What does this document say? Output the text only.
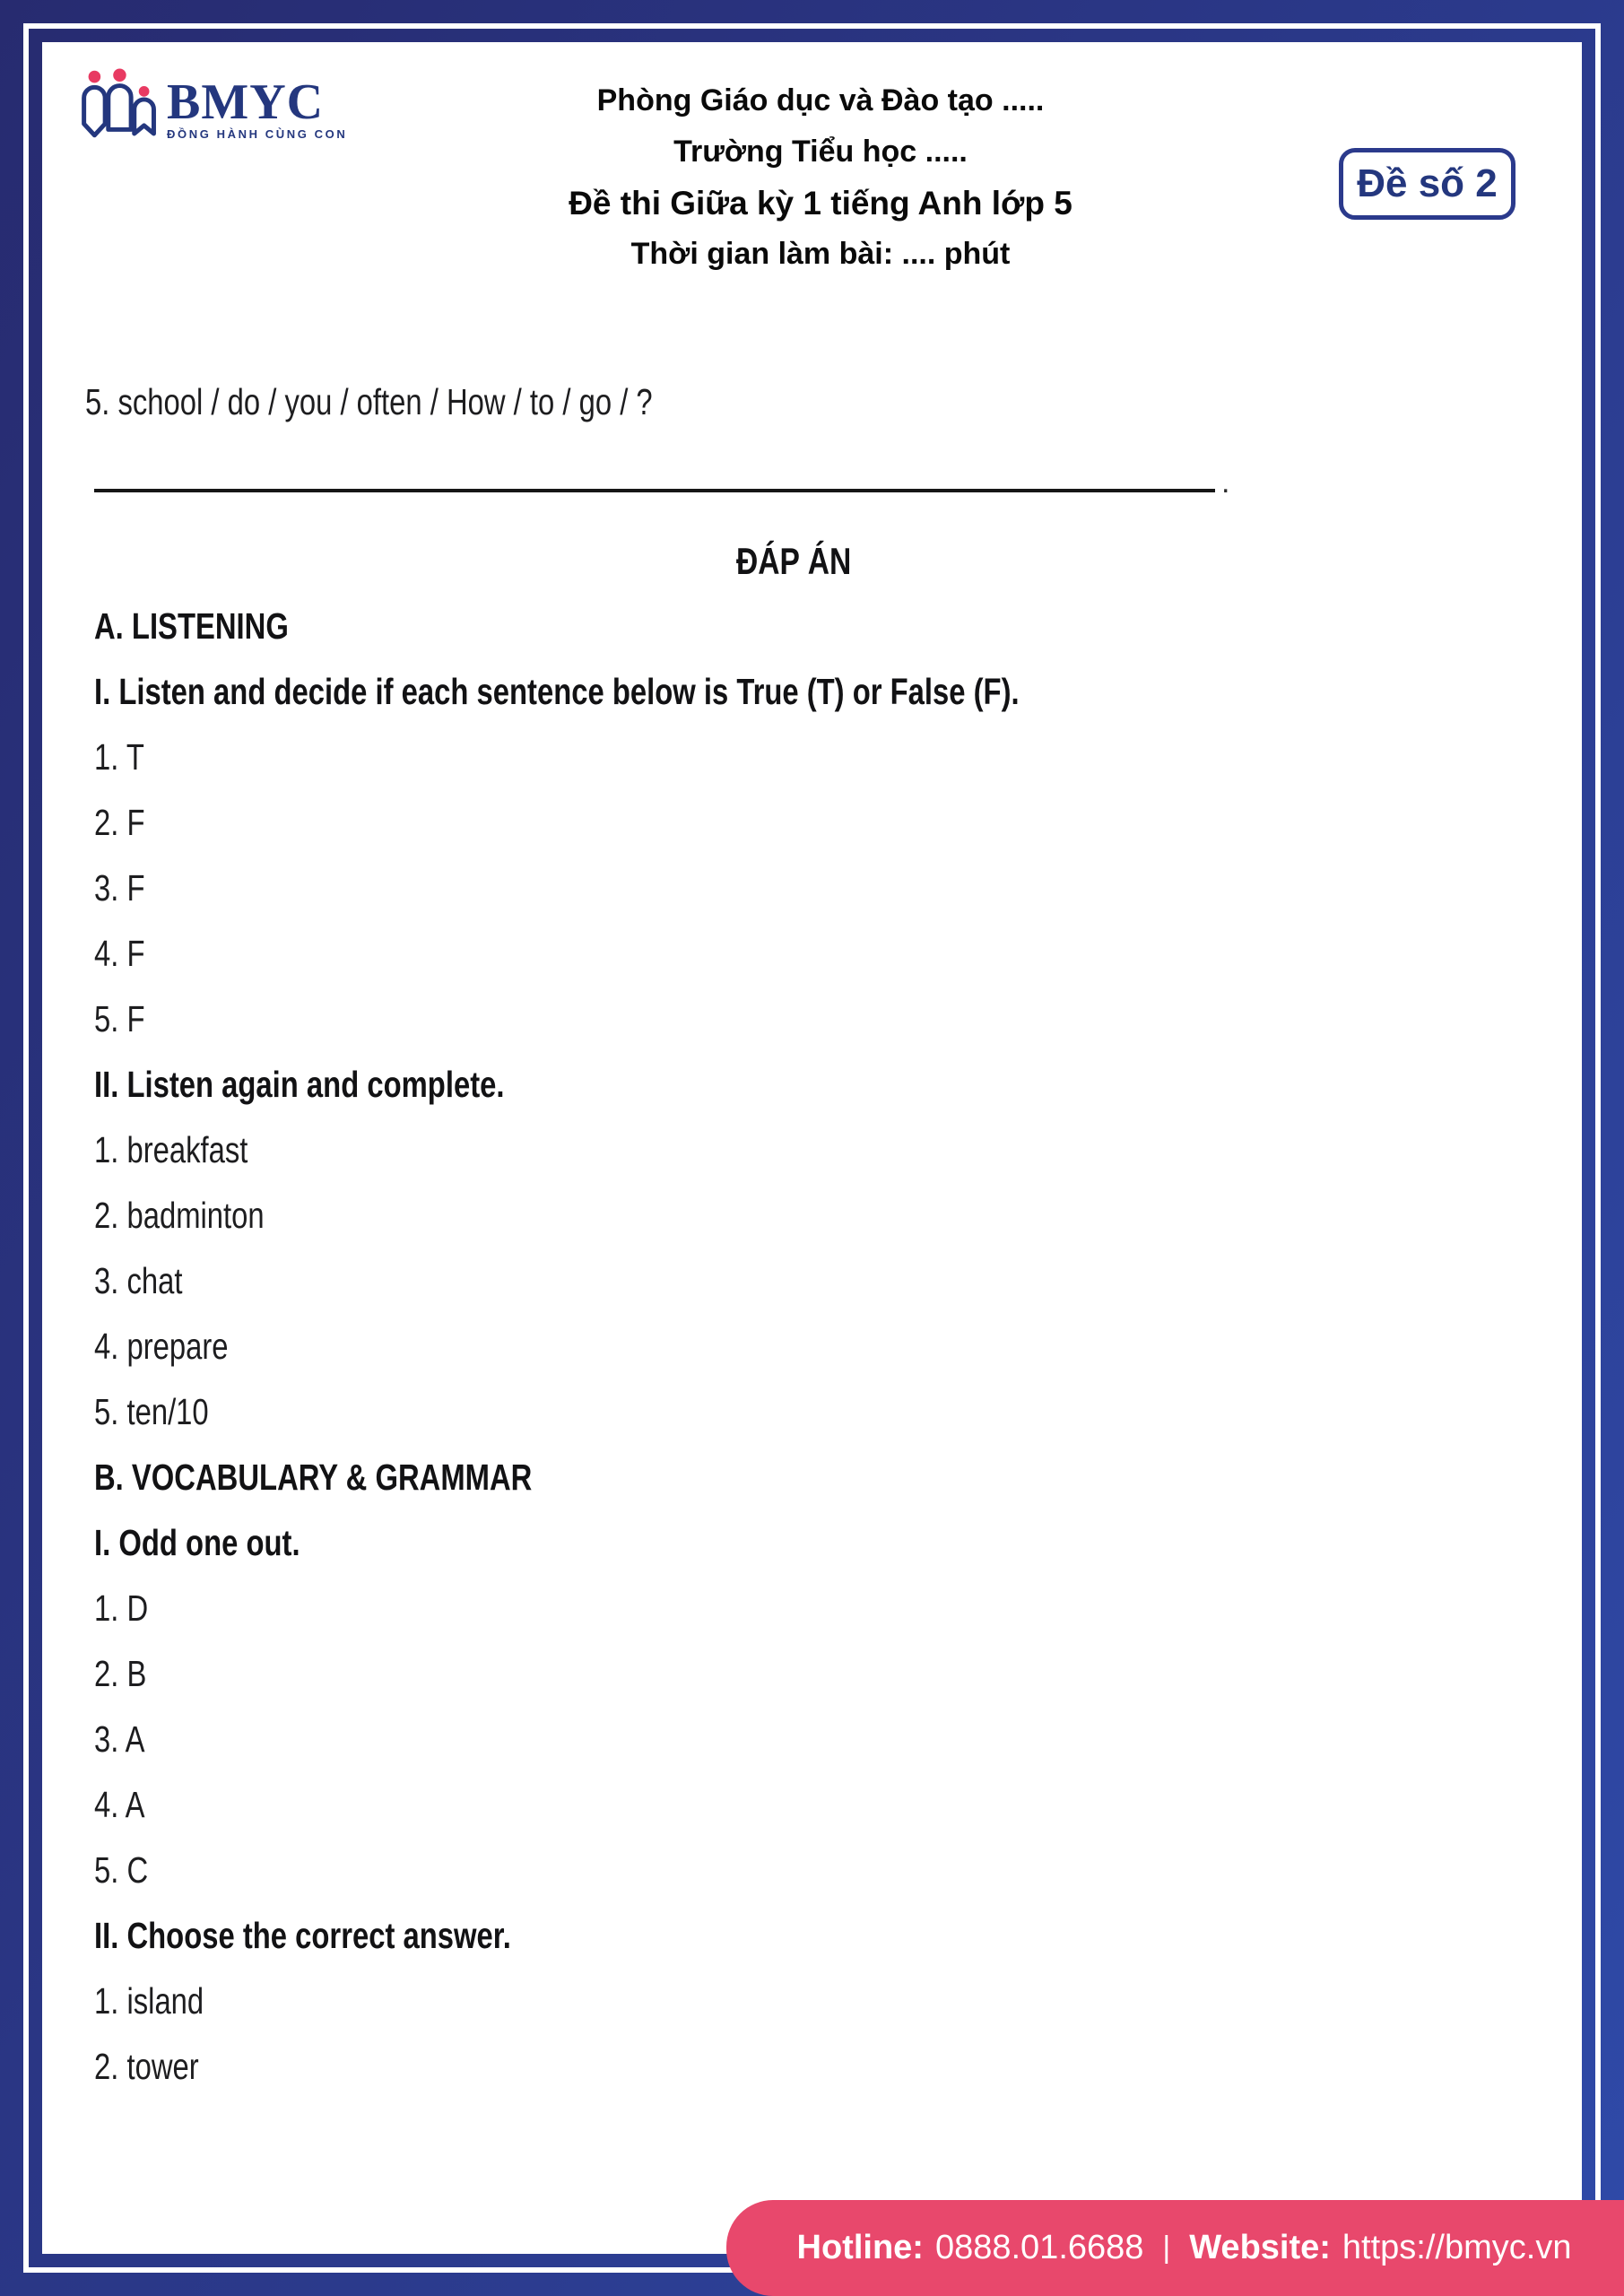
BMYC
ĐỒNG HÀNH CÙNG CON
Phòng Giáo dục và Đào tạo .....
Trường Tiểu học .....
Đề thi Giữa kỳ 1 tiếng Anh lớp 5
Thời gian làm bài: .... phút
Đề số 2
5. school / do / you / often / How / to / go / ?
.
ĐÁP ÁN
A. LISTENING
I. Listen and decide if each sentence below is True (T) or False (F).
1. T
2. F
3. F
4. F
5. F
II. Listen again and complete.
1. breakfast
2. badminton
3. chat
4. prepare
5. ten/10
B. VOCABULARY & GRAMMAR
I. Odd one out.
1. D
2. B
3. A
4. A
5. C
II. Choose the correct answer.
1. island
2. tower
Hotline: 0888.01.6688 | Website: https://bmyc.vn
